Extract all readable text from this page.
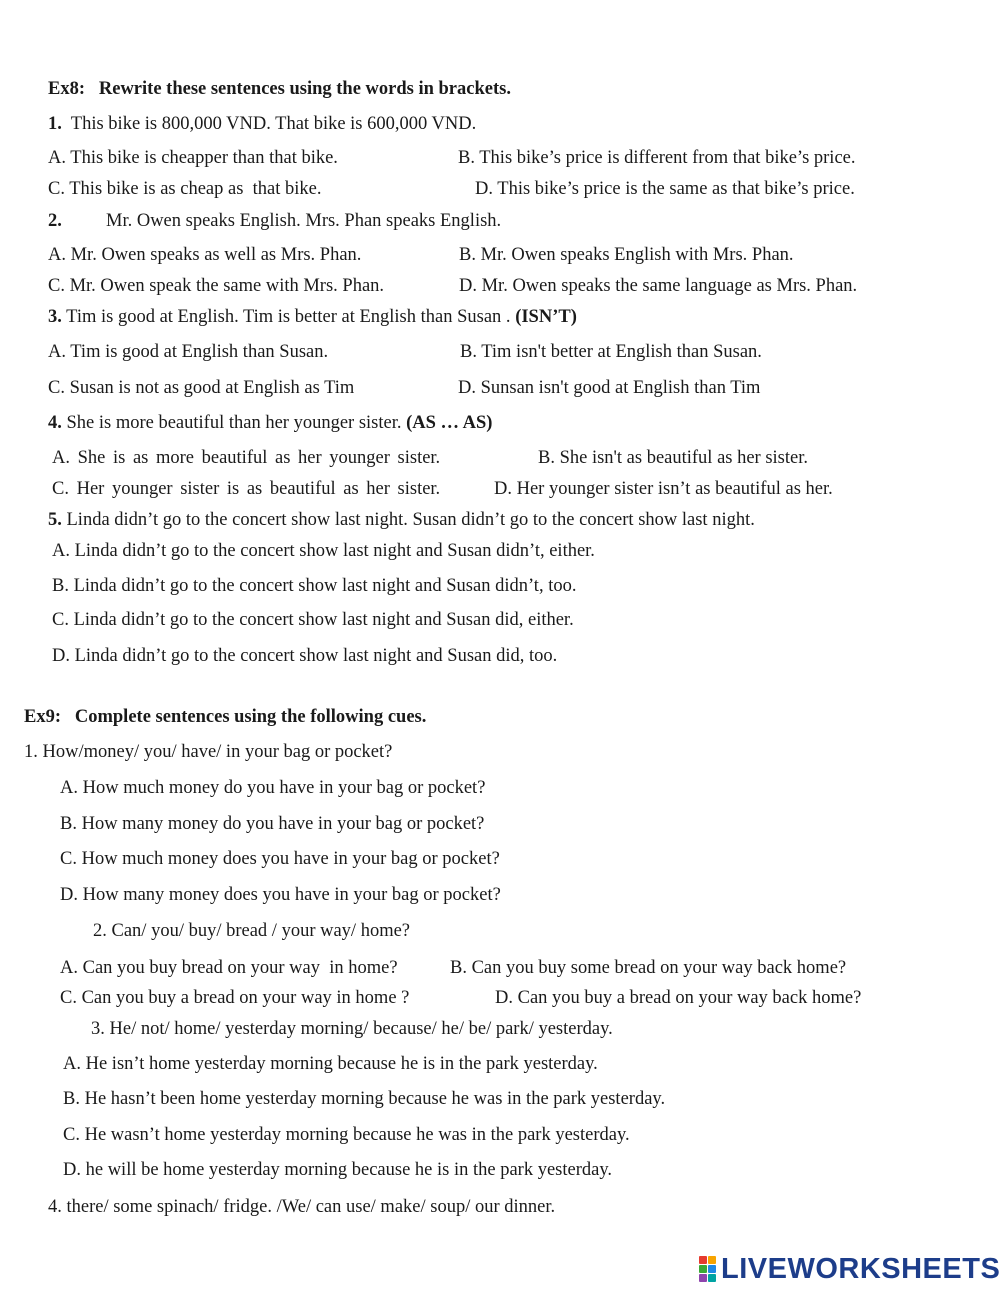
Ex8: Rewrite these sentences using the words in brackets.
1. This bike is 800,000 VND. That bike is 600,000 VND.
A. This bike is cheapper than that bike.	B. This bike’s price is different from that bike’s price.
C. This bike is as cheap as  that bike.	D. This bike’s price is the same as that bike’s price.
2. Mr. Owen speaks English. Mrs. Phan speaks English.
A. Mr. Owen speaks as well as Mrs. Phan.	B. Mr. Owen speaks English with Mrs. Phan.
C. Mr. Owen speak the same with Mrs. Phan.	D. Mr. Owen speaks the same language as Mrs. Phan.
3. Tim is good at English. Tim is better at English than Susan . (ISN’T)
A. Tim is good at English than Susan.	B. Tim isn't better at English than Susan.
C. Susan is not as good at English as Tim	D. Sunsan isn't good at English than Tim
4. She is more beautiful than her younger sister. (AS … AS)
A. She is as more beautiful as her younger sister.	B. She isn't as beautiful as her sister.
C. Her younger sister is as beautiful as her sister.	D. Her younger sister isn’t as beautiful as her.
5. Linda didn’t go to the concert show last night. Susan didn’t go to the concert show last night.
A. Linda didn’t go to the concert show last night and Susan didn’t, either.
B. Linda didn’t go to the concert show last night and Susan didn’t, too.
C. Linda didn’t go to the concert show last night and Susan did, either.
D. Linda didn’t go to the concert show last night and Susan did, too.
Ex9: Complete sentences using the following cues.
1. How/money/ you/ have/ in your bag or pocket?
A. How much money do you have in your bag or pocket?
B. How many money do you have in your bag or pocket?
C. How much money does you have in your bag or pocket?
D. How many money does you have in your bag or pocket?
2. Can/ you/ buy/ bread / your way/ home?
A. Can you buy bread on your way  in home?	B. Can you buy some bread on your way back home?
C. Can you buy a bread on your way in home ?	D. Can you buy a bread on your way back home?
3. He/ not/ home/ yesterday morning/ because/ he/ be/ park/ yesterday.
A. He isn’t home yesterday morning because he is in the park yesterday.
B. He hasn’t been home yesterday morning because he was in the park yesterday.
C. He wasn’t home yesterday morning because he was in the park yesterday.
D. he will be home yesterday morning because he is in the park yesterday.
4. there/ some spinach/ fridge. /We/ can use/ make/ soup/ our dinner.
LIVEWORKSHEETS
